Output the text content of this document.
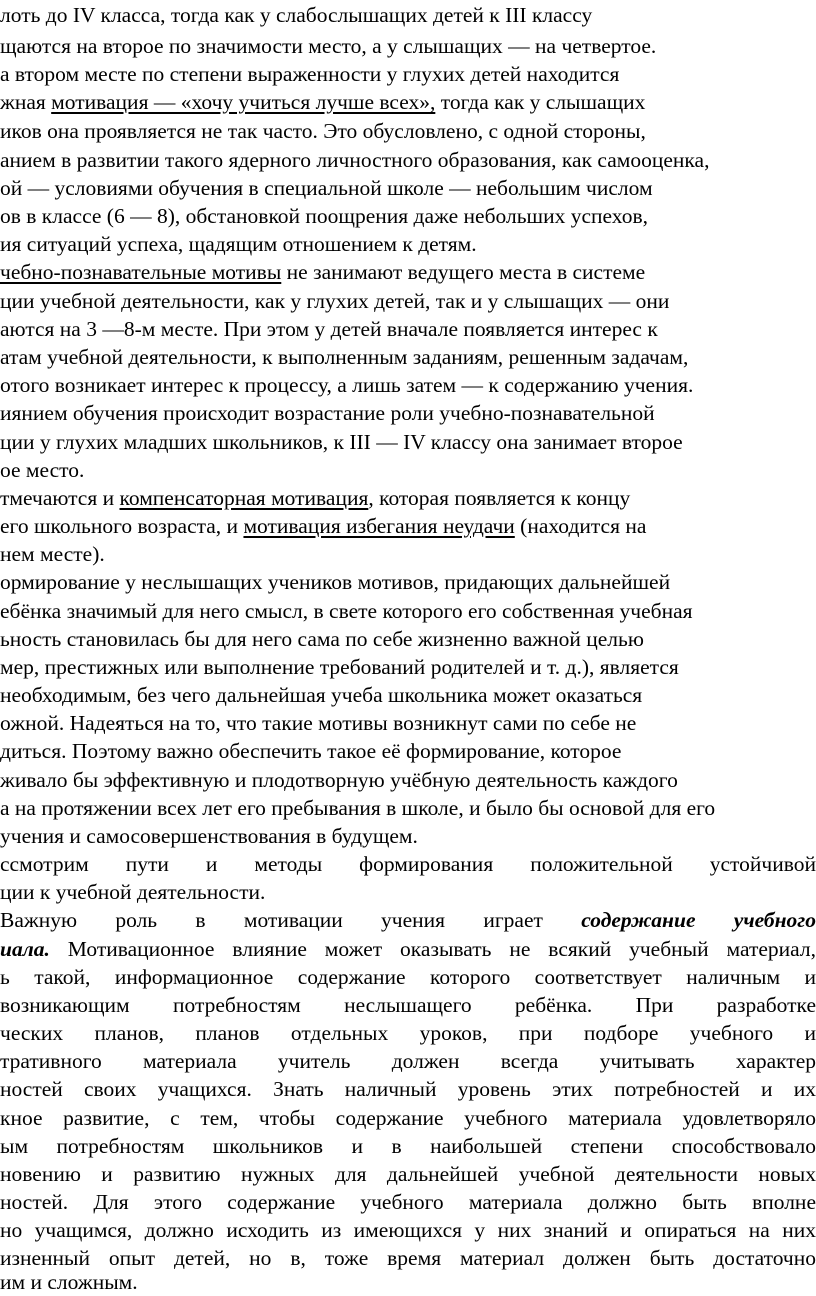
лоть до IV класса, тогда как у слабослышащих детей к III классу

щаются на второе по значимости место, а у слышащих — на четвертое.

а втором месте по степени выраженности у глухих детей находится

жная мотивация — «хочу учиться лучше всех», тогда как у слышащих

иков она проявляется не так часто. Это обусловлено, с одной стороны,

анием в развитии такого ядерного личностного образования, как самооценка,

ой — условиями обучения в специальной школе — небольшим числом

ов в классе (6 — 8), обстановкой поощрения даже небольших успехов,

ия ситуаций успеха, щадящим отношением к детям.

чебно-познавательные мотивы не занимают ведущего места в системе

ции учебной деятельности, как у глухих детей, так и у слышащих — они

аются на 3 —8-м месте. При этом у детей вначале появляется интерес к

атам учебной деятельности, к выполненным заданиям, решенным задачам,

отого возникает интерес к процессу, а лишь затем — к содержанию учения.

иянием обучения происходит возрастание роли учебно-познавательной

ции у глухих младших школьников, к III — IV классу она занимает второе

ое место.

тмечаются и компенсаторная мотивация, которая появляется к концу

его школьного возраста, и мотивация избегания неудачи (находится на

нем месте).

ормирование у неслышащих учеников мотивов, придающих дальнейшей

ебёнка значимый для него смысл, в свете которого его собственная учебная

ьность становилась бы для него сама по себе жизненно важной целью

мер, престижных или выполнение требований родителей и т. д.), является

необходимым, без чего дальнейшая учеба школьника может оказаться

ожной. Надеяться на то, что такие мотивы возникнут сами по себе не

диться. Поэтому важно обеспечить такое её формирование, которое

живало бы эффективную и плодотворную учёбную деятельность каждого

а на протяжении всех лет его пребывания в школе, и было бы основой для его

учения и самосовершенствования в будущем.

ссмотрим пути и методы формирования положительной устойчивой

ции к учебной деятельности.

Важную роль в мотивации учения играет содержание учебного

иала. Мотивационное влияние может оказывать не всякий учебный материал,

ь такой, информационное содержание которого соответствует наличным и

возникающим потребностям неслышащего ребёнка. При разработке

ческих планов, планов отдельных уроков, при подборе учебного и

тративного материала учитель должен всегда учитывать характер

ностей своих учащихся. Знать наличный уровень этих потребностей и их

кное развитие, с тем, чтобы содержание учебного материала удовлетворяло

ым потребностям школьников и в наибольшей степени способствовало

новению и развитию нужных для дальнейшей учебной деятельности новых

ностей. Для этого содержание учебного материала должно быть вполне

но учащимся, должно исходить из имеющихся у них знаний и опираться на них

изненный опыт детей, но в, тоже время материал должен быть достаточно

им и сложным.
